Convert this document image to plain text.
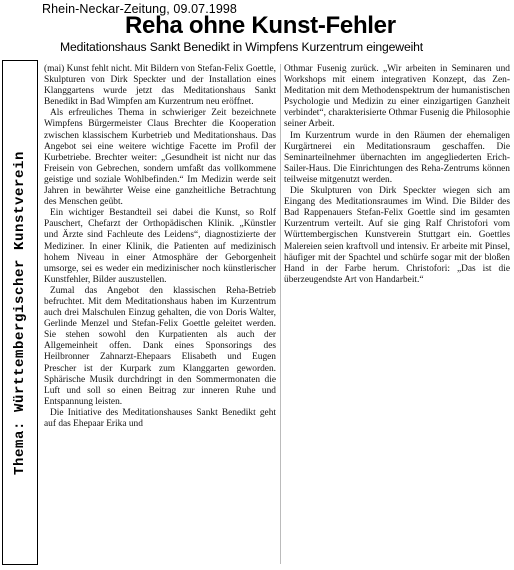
Rhein-Neckar-Zeitung, 09.07.1998
Reha ohne Kunst-Fehler
Meditationshaus Sankt Benedikt in Wimpfens Kurzentrum eingeweiht
Thema: Württembergischer Kunstverein

(mai) Kunst fehlt nicht. Mit Bildern von Stefan-Felix Goettle, Skulpturen von Dirk Speckter und der Installation eines Klanggartens wurde jetzt das Meditationshaus Sankt Benedikt in Bad Wimpfen am Kurzentrum neu eröffnet.

Als erfreuliches Thema in schwieriger Zeit bezeichnete Wimpfens Bürgermeister Claus Brechter die Kooperation zwischen klassischem Kurbetrieb und Meditationshaus. Das Angebot sei eine weitere wichtige Facette im Profil der Kurbetriebe. Brechter weiter: „Gesundheit ist nicht nur das Freisein von Gebrechen, sondern umfaßt das vollkommene geistige und soziale Wohlbefinden.“ Im Medizin werde seit Jahren in bewährter Weise eine ganzheitliche Betrachtung des Menschen geübt.

Ein wichtiger Bestandteil sei dabei die Kunst, so Rolf Pauschert, Chefarzt der Orthopädischen Klinik. „Künstler und Ärzte sind Fachleute des Leidens“, diagnostizierte der Mediziner. In einer Klinik, die Patienten auf medizinisch hohem Niveau in einer Atmosphäre der Geborgenheit umsorge, sei es weder ein medizinischer noch künstlerischer Kunstfehler, Bilder auszustellen.

Zumal das Angebot den klassischen Reha-Betrieb befruchtet. Mit dem Meditationshaus haben im Kurzentrum auch drei Malschulen Einzug gehalten, die von Doris Walter, Gerlinde Menzel und Stefan-Felix Goettle geleitet werden. Sie stehen sowohl den Kurpatienten als auch der Allgemeinheit offen. Dank eines Sponsorings des Heilbronner Zahnarzt-Ehepaars Elisabeth und Eugen Prescher ist der Kurpark zum Klanggarten geworden. Sphärische Musik durchdringt in den Sommermonaten die Luft und soll so einen Beitrag zur inneren Ruhe und Entspannung leisten.

Die Initiative des Meditationshauses Sankt Benedikt geht auf das Ehepaar Erika und

Othmar Fusenig zurück. „Wir arbeiten in Seminaren und Workshops mit einem integrativen Konzept, das Zen-Meditation mit dem Methodenspektrum der humanistischen Psychologie und Medizin zu einer einzigartigen Ganzheit verbindet“, charakterisierte Othmar Fusenig die Philosophie seiner Arbeit.

Im Kurzentrum wurde in den Räumen der ehemaligen Kurgärtnerei ein Meditationsraum geschaffen. Die Seminarteilnehmer übernachten im angegliederten Erich-Sailer-Haus. Die Einrichtungen des Reha-Zentrums können teilweise mitgenutzt werden.

Die Skulpturen von Dirk Speckter wiegen sich am Eingang des Meditationsraumes im Wind. Die Bilder des Bad Rappenauers Stefan-Felix Goettle sind im gesamten Kurzentrum verteilt. Auf sie ging Ralf Christofori vom Württembergischen Kunstverein Stuttgart ein. Goettles Malereien seien kraftvoll und intensiv. Er arbeite mit Pinsel, häufiger mit der Spachtel und schürfe sogar mit der bloßen Hand in der Farbe herum. Christofori: „Das ist die überzeugendste Art von Handarbeit.“
